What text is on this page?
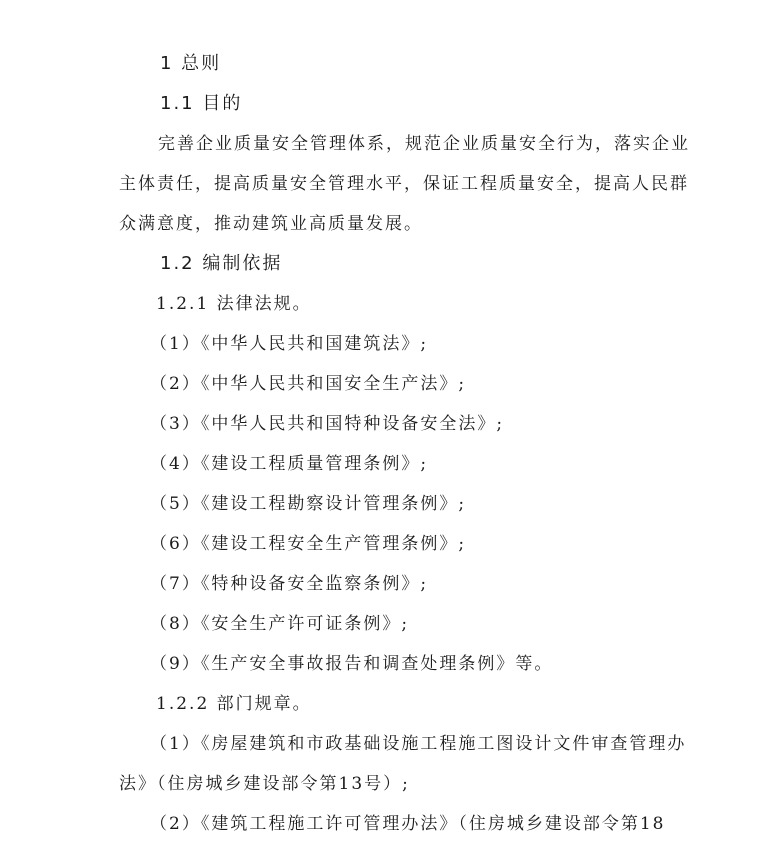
1 总则

1.1 目的

完善企业质量安全管理体系，规范企业质量安全行为，落实企业

主体责任，提高质量安全管理水平，保证工程质量安全，提高人民群

众满意度，推动建筑业高质量发展。

1.2 编制依据

1.2.1 法律法规。

（1）《中华人民共和国建筑法》;

（2）《中华人民共和国安全生产法》;

（3）《中华人民共和国特种设备安全法》;

（4）《建设工程质量管理条例》;

（5）《建设工程勘察设计管理条例》;

（6）《建设工程安全生产管理条例》;

（7）《特种设备安全监察条例》;

（8）《安全生产许可证条例》;

（9）《生产安全事故报告和调查处理条例》等。

1.2.2 部门规章。

（1）《房屋建筑和市政基础设施工程施工图设计文件审查管理办

法》（住房城乡建设部令第13号）;

（2）《建筑工程施工许可管理办法》（住房城乡建设部令第18
